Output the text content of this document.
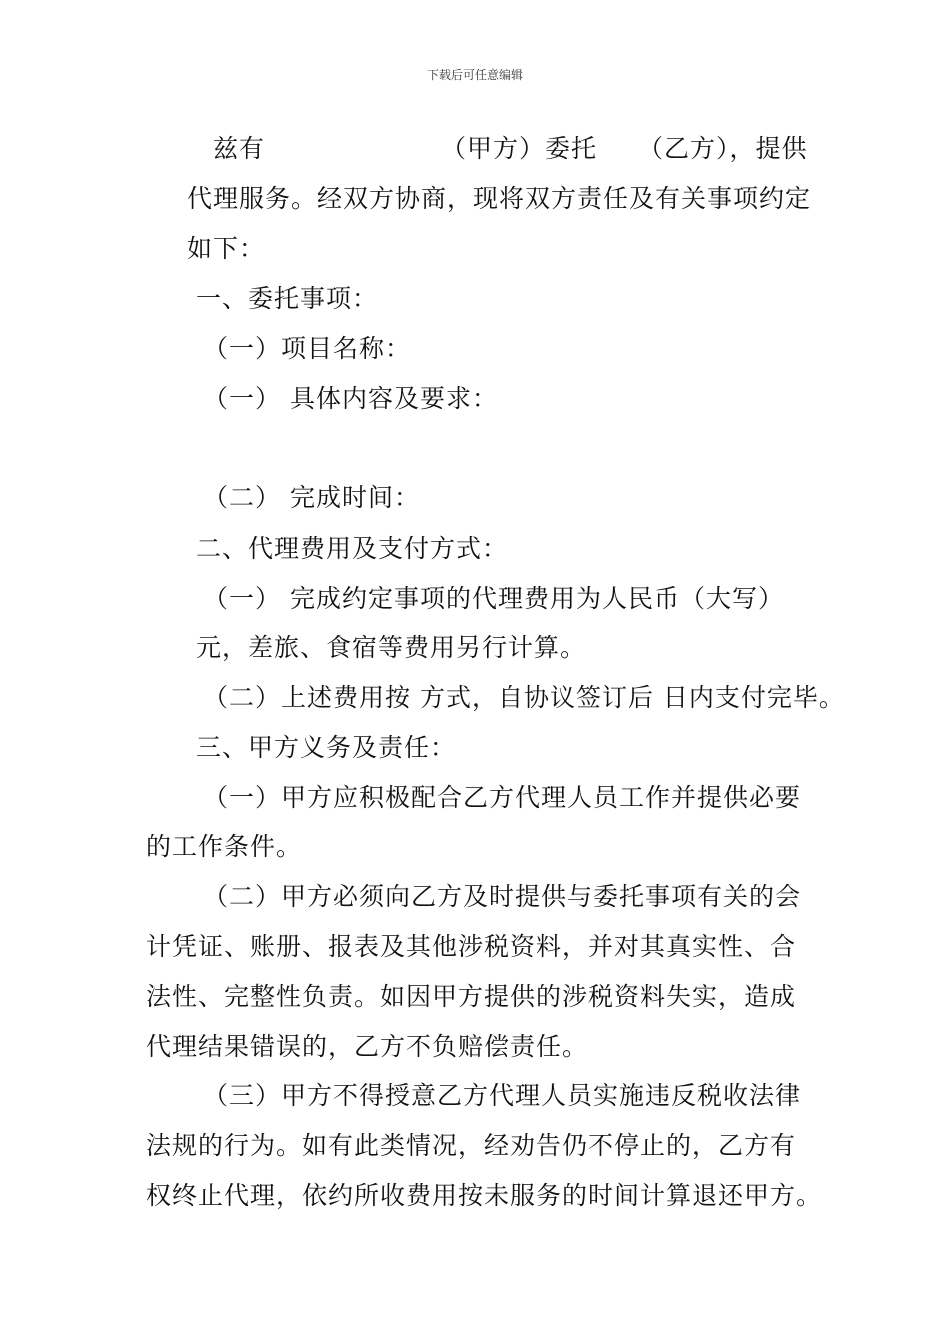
下载后可任意编辑
兹有	（甲方）委托 （乙方），提供
代理服务。经双方协商，现将双方责任及有关事项约定
如下：
一、委托事项：
（一）项目名称：
（一） 具体内容及要求：
（二） 完成时间：
二、代理费用及支付方式：
（一） 完成约定事项的代理费用为人民币（大写）
元，差旅、食宿等费用另行计算。
（二）上述费用按 方式，自协议签订后 日内支付完毕。
三、甲方义务及责任：
（一）甲方应积极配合乙方代理人员工作并提供必要
的工作条件。
（二）甲方必须向乙方及时提供与委托事项有关的会
计凭证、账册、报表及其他涉税资料，并对其真实性、合
法性、完整性负责。如因甲方提供的涉税资料失实，造成
代理结果错误的，乙方不负赔偿责任。
（三）甲方不得授意乙方代理人员实施违反税收法律
法规的行为。如有此类情况，经劝告仍不停止的，乙方有
权终止代理，依约所收费用按未服务的时间计算退还甲方。
